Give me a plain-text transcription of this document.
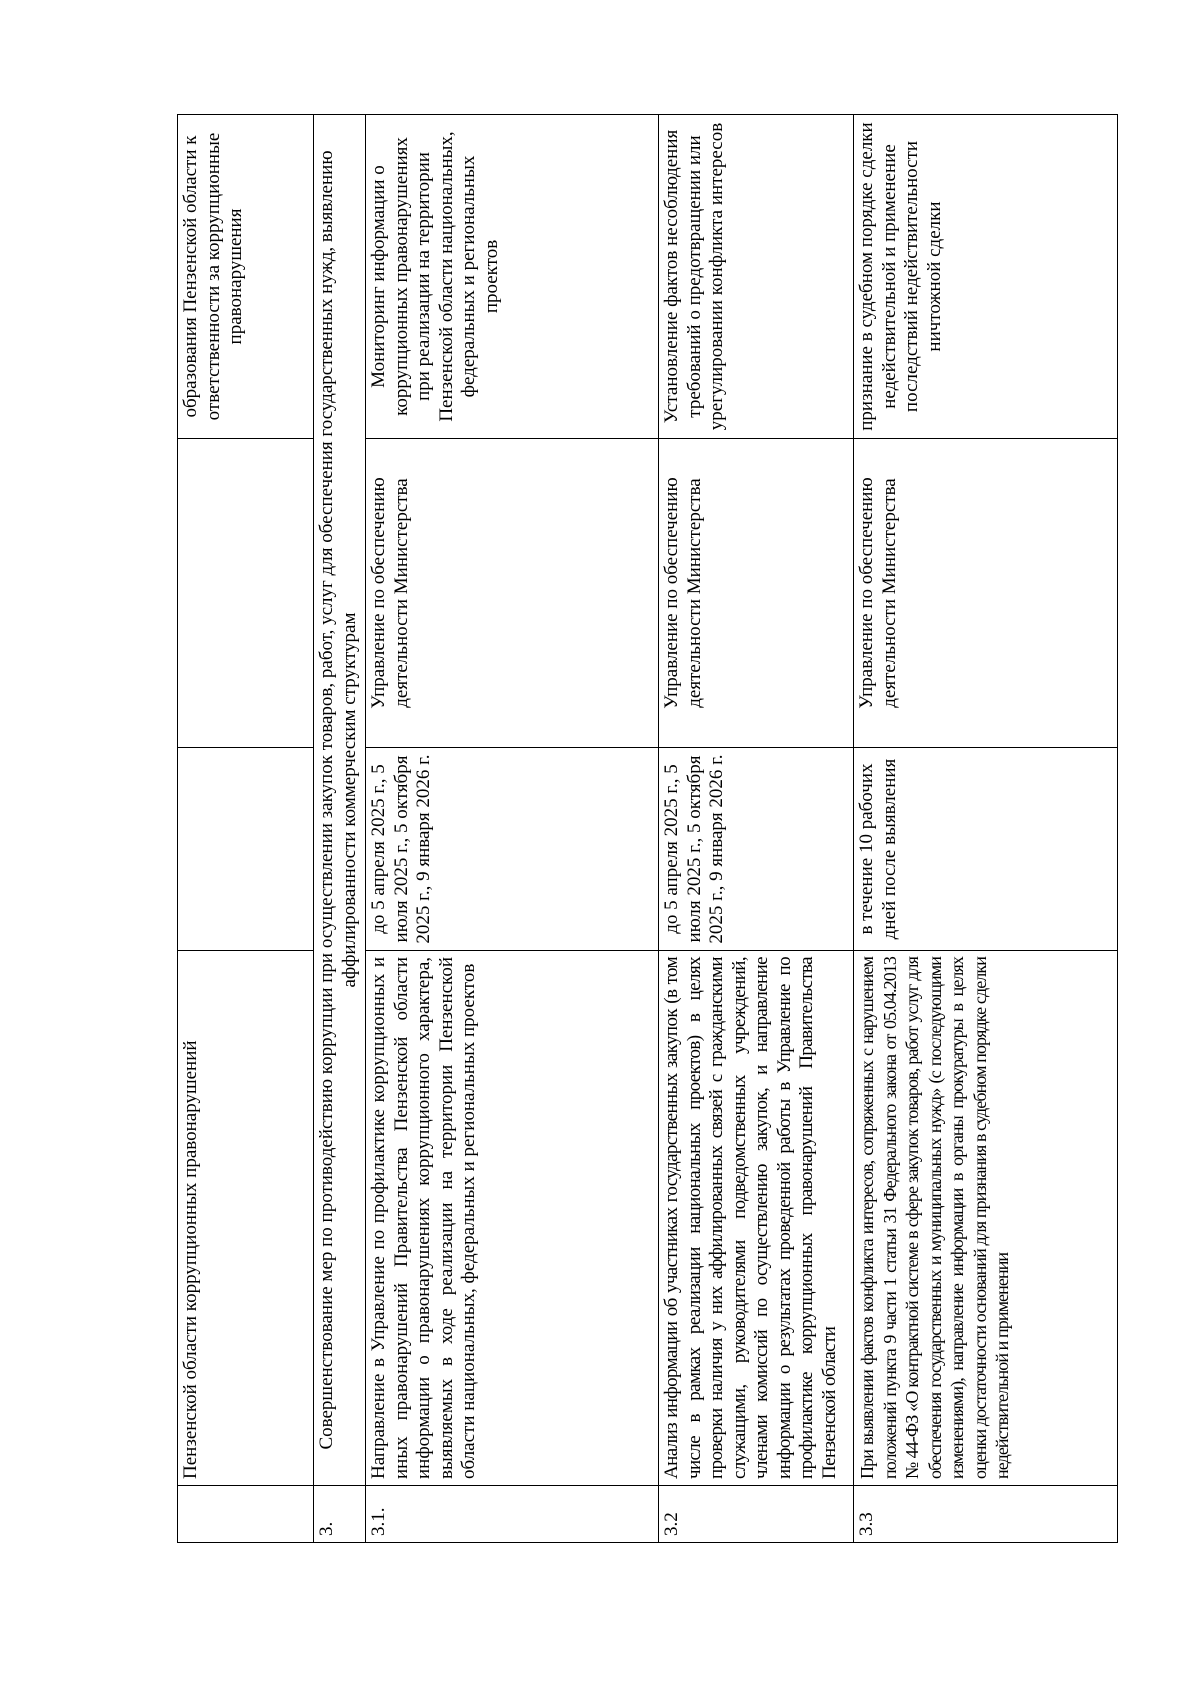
	Пензенской области коррупционных правонарушений			образования Пензенской области к ответственности за коррупционные правонарушения
3.	Совершенствование мер по противодействию коррупции при осуществлении закупок товаров, работ, услуг для обеспечения государственных нужд, выявлению аффилированности коммерческим структурам			
3.1.	Направление в Управление по профилактике коррупционных и иных правонарушений Правительства Пензенской области информации о правонарушениях коррупционного характера, выявляемых в ходе реализации на территории Пензенской области национальных, федеральных и региональных проектов	до 5 апреля 2025 г., 5 июля 2025 г., 5 октября 2025 г., 9 января 2026 г.	Управление по обеспечению деятельности Министерства	Мониторинг информации о коррупционных правонарушениях при реализации на территории Пензенской области национальных, федеральных и региональных проектов
3.2	Анализ информации об участниках государственных закупок (в том числе в рамках реализации национальных проектов) в целях проверки наличия у них аффилированных связей с гражданскими служащими, руководителями подведомственных учреждений, членами комиссий по осуществлению закупок, и направление информации о результатах проведенной работы в Управление по профилактике коррупционных правонарушений Правительства Пензенской области	до 5 апреля 2025 г., 5 июля 2025 г., 5 октября 2025 г., 9 января 2026 г.	Управление по обеспечению деятельности Министерства	Установление фактов несоблюдения требований о предотвращении или урегулировании конфликта интересов
3.3	При выявлении фактов конфликта интересов, сопряженных с нарушением положений пункта 9 части 1 статьи 31 Федерального закона от 05.04.2013 № 44-ФЗ «О контрактной системе в сфере закупок товаров, работ услуг для обеспечения государственных и муниципальных нужд» (с последующими изменениями), направление информации в органы прокуратуры в целях оценки достаточности оснований для признания в судебном порядке сделки недействительной и применении	в течение 10 рабочих дней после выявления	Управление по обеспечению деятельности Министерства	признание в судебном порядке сделки недействительной и применение последствий недействительности ничтожной сделки
